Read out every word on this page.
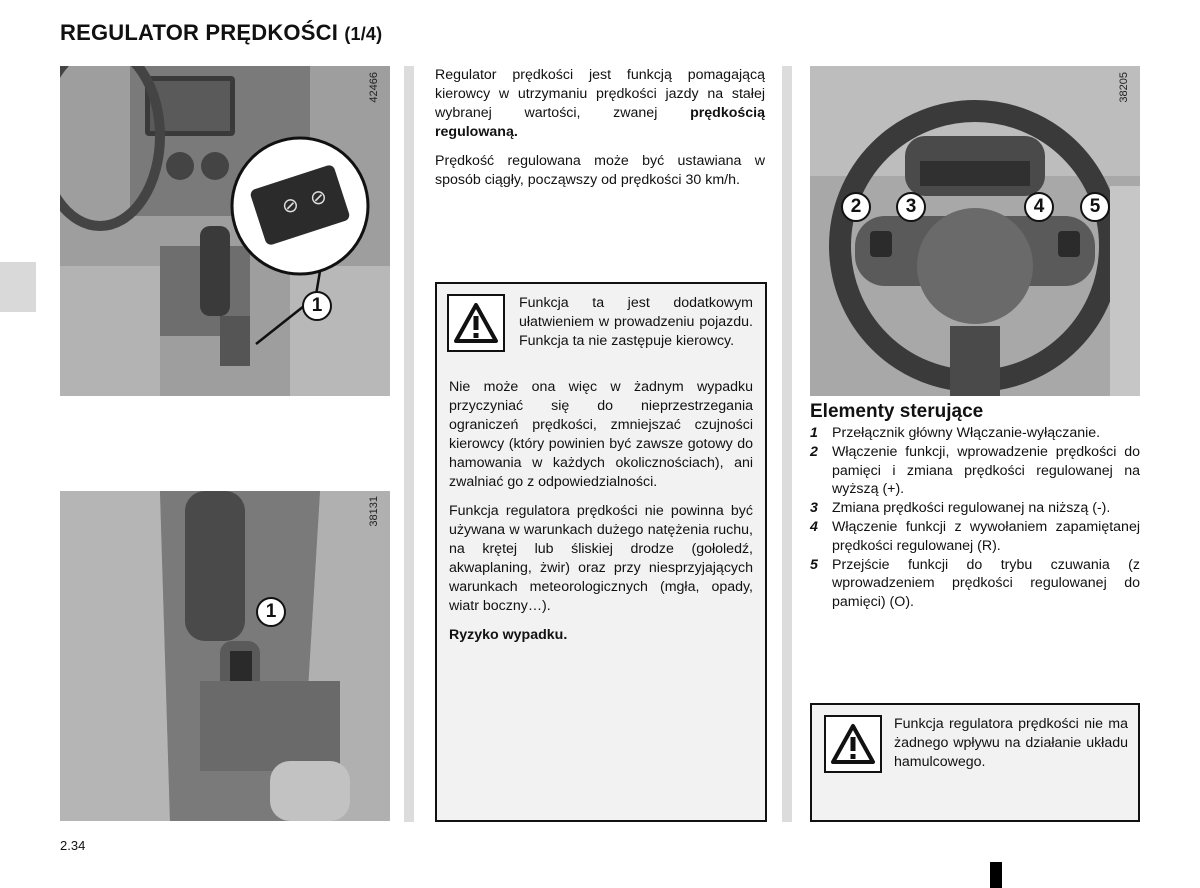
REGULATOR PRĘDKOŚCI (1/4)
⊘ ⊘
42466
1
38131
1

Regulator prędkości jest funkcją pomagającą kierowcy w utrzymaniu prędkości jazdy na stałej wybranej wartości, zwanej prędkością regulowaną.

Prędkość regulowana może być ustawiana w sposób ciągły, począwszy od prędkości 30 km/h.

Funkcja ta jest dodatkowym ułatwieniem w prowadzeniu pojazdu. Funkcja ta nie zastępuje kierowcy.

Nie może ona więc w żadnym wypadku przyczyniać się do nieprzestrzegania ograniczeń prędkości, zmniejszać czujności kierowcy (który powinien być zawsze gotowy do hamowania w każdych okolicznościach), ani zwalniać go z odpowiedzialności.

Funkcja regulatora prędkości nie powinna być używana w warunkach dużego natężenia ruchu, na krętej lub śliskiej drodze (gołoledź, akwaplaning, żwir) oraz przy niesprzyjających warunkach meteorologicznych (mgła, opady, wiatr boczny…).

Ryzyko wypadku.

38205
2	3	4	5
Elementy sterujące
1 Przełącznik główny Włączanie-wyłączanie.
2 Włączenie funkcji, wprowadzenie prędkości do pamięci i zmiana prędkości regulowanej na wyższą (+).
3 Zmiana prędkości regulowanej na niższą (-).
4 Włączenie funkcji z wywołaniem zapamiętanej prędkości regulowanej (R).
5 Przejście funkcji do trybu czuwania (z wprowadzeniem prędkości regulowanej do pamięci) (O).
Funkcja regulatora prędkości nie ma żadnego wpływu na działanie układu hamulcowego.
2.34
